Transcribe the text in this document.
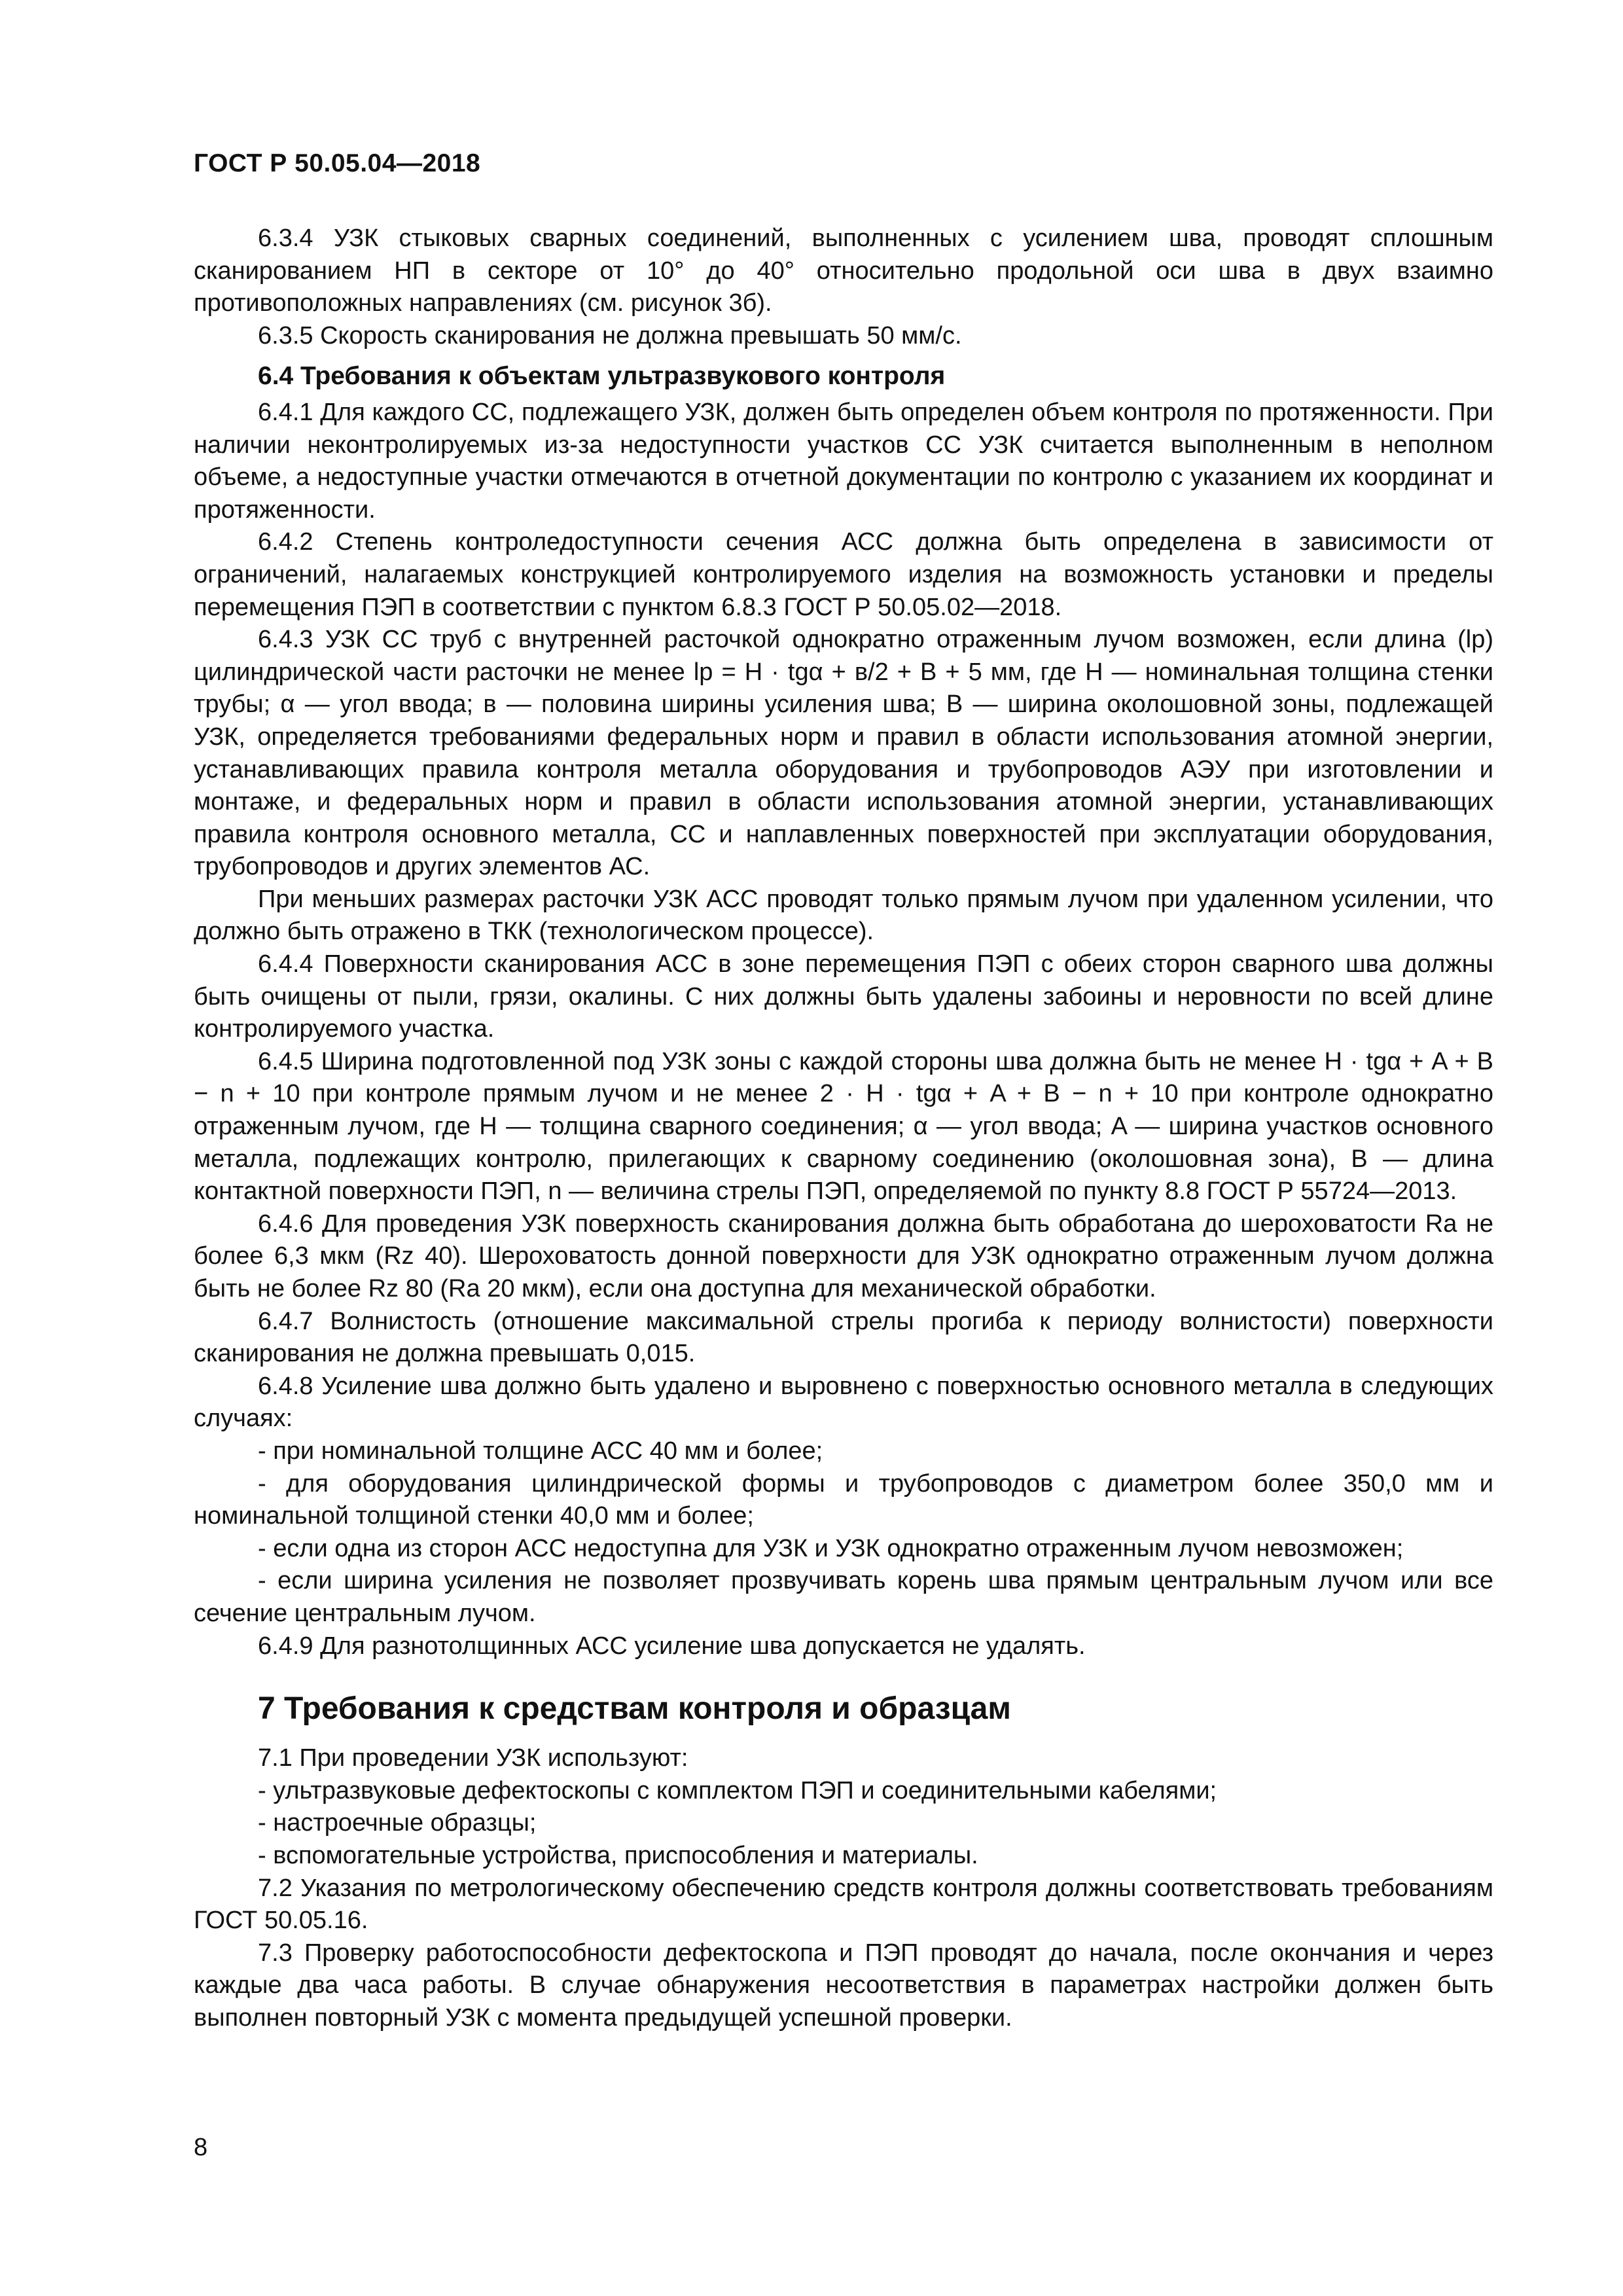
ГОСТ Р 50.05.04—2018

6.3.4 УЗК стыковых сварных соединений, выполненных с усилением шва, проводят сплошным сканированием НП в секторе от 10° до 40° относительно продольной оси шва в двух взаимно противоположных направлениях (см. рисунок 3б).

6.3.5 Скорость сканирования не должна превышать 50 мм/с.

6.4 Требования к объектам ультразвукового контроля

6.4.1 Для каждого СС, подлежащего УЗК, должен быть определен объем контроля по протяженности. При наличии неконтролируемых из-за недоступности участков СС УЗК считается выполненным в неполном объеме, а недоступные участки отмечаются в отчетной документации по контролю с указанием их координат и протяженности.

6.4.2 Степень контроледоступности сечения АСС должна быть определена в зависимости от ограничений, налагаемых конструкцией контролируемого изделия на возможность установки и пределы перемещения ПЭП в соответствии с пунктом 6.8.3 ГОСТ Р 50.05.02—2018.

6.4.3 УЗК СС труб с внутренней расточкой однократно отраженным лучом возможен, если длина (lр) цилиндрической части расточки не менее lр = H · tgα + в/2 + B + 5 мм, где H — номинальная толщина стенки трубы; α — угол ввода; в — половина ширины усиления шва; B — ширина околошовной зоны, подлежащей УЗК, определяется требованиями федеральных норм и правил в области использования атомной энергии, устанавливающих правила контроля металла оборудования и трубопроводов АЭУ при изготовлении и монтаже, и федеральных норм и правил в области использования атомной энергии, устанавливающих правила контроля основного металла, СС и наплавленных поверхностей при эксплуатации оборудования, трубопроводов и других элементов АС.

При меньших размерах расточки УЗК АСС проводят только прямым лучом при удаленном усилении, что должно быть отражено в ТКК (технологическом процессе).

6.4.4 Поверхности сканирования АСС в зоне перемещения ПЭП с обеих сторон сварного шва должны быть очищены от пыли, грязи, окалины. С них должны быть удалены забоины и неровности по всей длине контролируемого участка.

6.4.5 Ширина подготовленной под УЗК зоны с каждой стороны шва должна быть не менее H · tgα + A + B − n + 10 при контроле прямым лучом и не менее 2 · H · tgα + A + B − n + 10 при контроле однократно отраженным лучом, где H — толщина сварного соединения; α — угол ввода; A — ширина участков основного металла, подлежащих контролю, прилегающих к сварному соединению (околошовная зона), B — длина контактной поверхности ПЭП, n — величина стрелы ПЭП, определяемой по пункту 8.8 ГОСТ Р 55724—2013.

6.4.6 Для проведения УЗК поверхность сканирования должна быть обработана до шероховатости Ra не более 6,3 мкм (Rz 40). Шероховатость донной поверхности для УЗК однократно отраженным лучом должна быть не более Rz 80 (Ra 20 мкм), если она доступна для механической обработки.

6.4.7 Волнистость (отношение максимальной стрелы прогиба к периоду волнистости) поверхности сканирования не должна превышать 0,015.

6.4.8 Усиление шва должно быть удалено и выровнено с поверхностью основного металла в следующих случаях:

- при номинальной толщине АСС 40 мм и более;

- для оборудования цилиндрической формы и трубопроводов с диаметром более 350,0 мм и номинальной толщиной стенки 40,0 мм и более;

- если одна из сторон АСС недоступна для УЗК и УЗК однократно отраженным лучом невозможен;

- если ширина усиления не позволяет прозвучивать корень шва прямым центральным лучом или все сечение центральным лучом.

6.4.9 Для разнотолщинных АСС усиление шва допускается не удалять.

7 Требования к средствам контроля и образцам

7.1 При проведении УЗК используют:

- ультразвуковые дефектоскопы с комплектом ПЭП и соединительными кабелями;

- настроечные образцы;

- вспомогательные устройства, приспособления и материалы.

7.2 Указания по метрологическому обеспечению средств контроля должны соответствовать требованиям ГОСТ 50.05.16.

7.3 Проверку работоспособности дефектоскопа и ПЭП проводят до начала, после окончания и через каждые два часа работы. В случае обнаружения несоответствия в параметрах настройки должен быть выполнен повторный УЗК с момента предыдущей успешной проверки.

8
